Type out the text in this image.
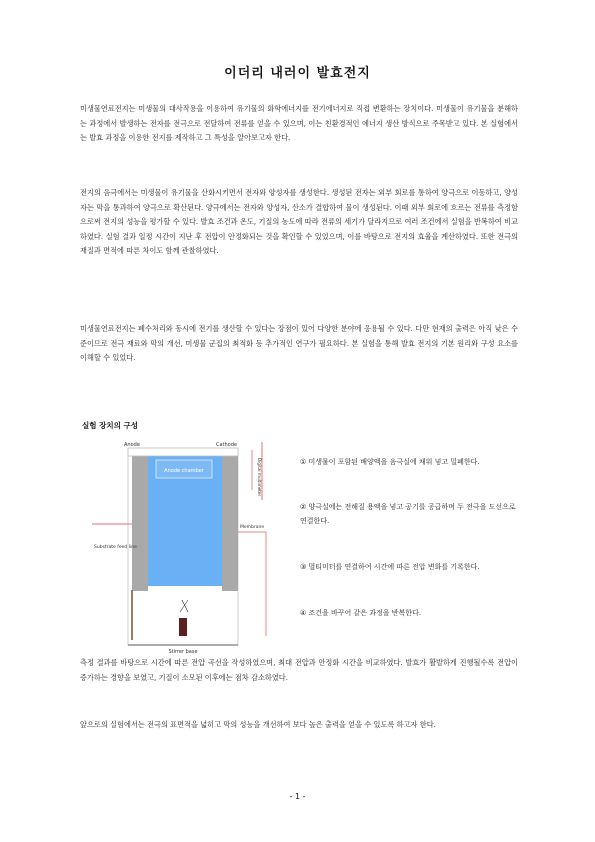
이더리 내러이 발효전지
미생물연료전지는 미생물의 대사작용을 이용하여 유기물의 화학에너지를 전기에너지로 직접 변환하는 장치이다. 미생물이 유기물을 분해하는 과정에서 발생하는 전자를 전극으로 전달하여 전류를 얻을 수 있으며, 이는 친환경적인 에너지 생산 방식으로 주목받고 있다. 본 실험에서는 발효 과정을 이용한 전지를 제작하고 그 특성을 알아보고자 한다.
전지의 음극에서는 미생물이 유기물을 산화시키면서 전자와 양성자를 생성한다. 생성된 전자는 외부 회로를 통하여 양극으로 이동하고, 양성자는 막을 통과하여 양극으로 확산된다. 양극에서는 전자와 양성자, 산소가 결합하여 물이 생성된다. 이때 외부 회로에 흐르는 전류를 측정함으로써 전지의 성능을 평가할 수 있다. 발효 조건과 온도, 기질의 농도에 따라 전류의 세기가 달라지므로 여러 조건에서 실험을 반복하여 비교하였다. 실험 결과 일정 시간이 지난 후 전압이 안정화되는 것을 확인할 수 있었으며, 이를 바탕으로 전지의 효율을 계산하였다. 또한 전극의 재질과 면적에 따른 차이도 함께 관찰하였다.
미생물연료전지는 폐수처리와 동시에 전기를 생산할 수 있다는 장점이 있어 다양한 분야에 응용될 수 있다. 다만 현재의 출력은 아직 낮은 수준이므로 전극 재료와 막의 개선, 미생물 군집의 최적화 등 추가적인 연구가 필요하다. 본 실험을 통해 발효 전지의 기본 원리와 구성 요소를 이해할 수 있었다.
실험 장치의 구성
Anode chamber
Anode	Cathode
Digital multimeter
Membrane
Substrate feed line
Stirrer base
① 미생물이 포함된 배양액을 음극실에 채워 넣고 밀폐한다.
② 양극실에는 전해질 용액을 넣고 공기를 공급하며 두 전극을 도선으로 연결한다.
③ 멀티미터를 연결하여 시간에 따른 전압 변화를 기록한다.
④ 조건을 바꾸어 같은 과정을 반복한다.
측정 결과를 바탕으로 시간에 따른 전압 곡선을 작성하였으며, 최대 전압과 안정화 시간을 비교하였다. 발효가 활발하게 진행될수록 전압이 증가하는 경향을 보였고, 기질이 소모된 이후에는 점차 감소하였다.
앞으로의 실험에서는 전극의 표면적을 넓히고 막의 성능을 개선하여 보다 높은 출력을 얻을 수 있도록 하고자 한다.
- 1 -
